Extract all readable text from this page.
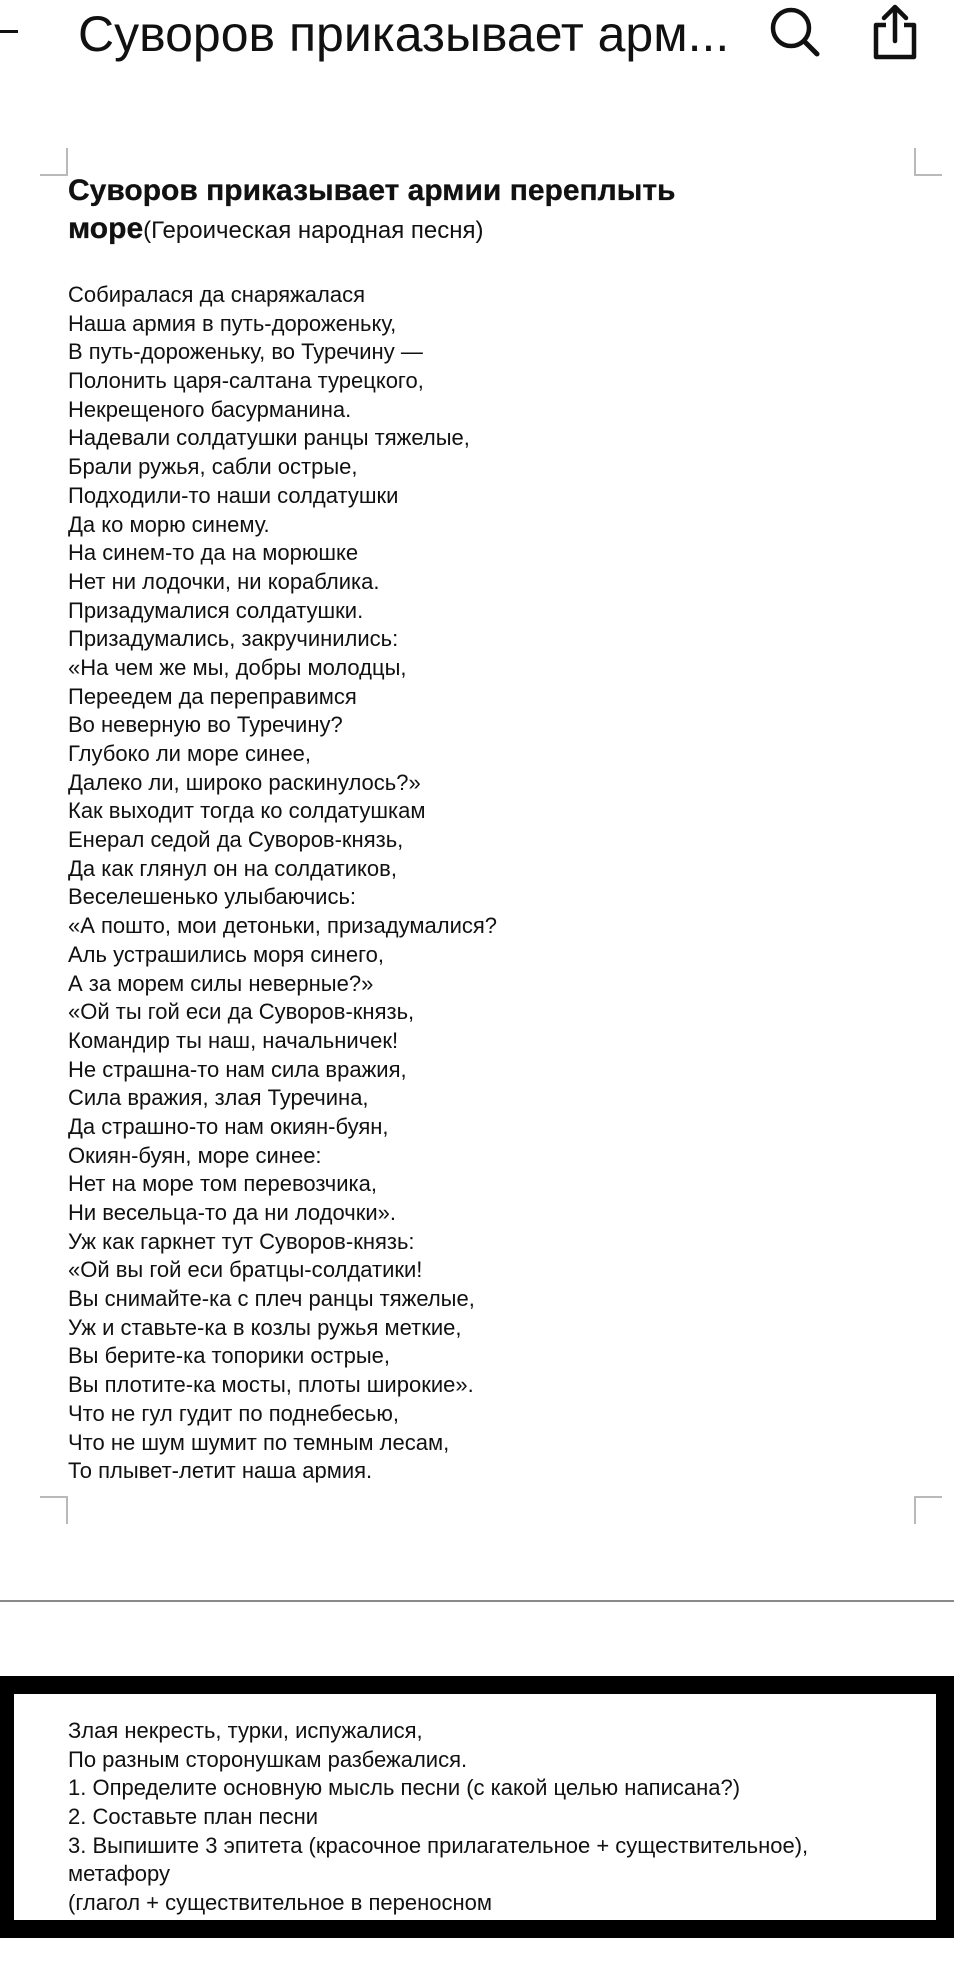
Суворов приказывает арм...
Суворов приказывает армии переплыть море(Героическая народная песня)
Собиралася да снаряжалася
Наша армия в путь-дороженьку,
В путь-дороженьку, во Туречину —
Полонить царя-салтана турецкого,
Некрещеного басурманина.
Надевали солдатушки ранцы тяжелые,
Брали ружья, сабли острые,
Подходили-то наши солдатушки
Да ко морю синему.
На синем-то да на морюшке
Нет ни лодочки, ни кораблика.
Призадумалися солдатушки.
Призадумались, закручинились:
«На чем же мы, добры молодцы,
Переедем да переправимся
Во неверную во Туречину?
Глубоко ли море синее,
Далеко ли, широко раскинулось?»
Как выходит тогда ко солдатушкам
Енерал седой да Суворов-князь,
Да как глянул он на солдатиков,
Веселешенько улыбаючись:
«А пошто, мои детоньки, призадумалися?
Аль устрашились моря синего,
А за морем силы неверные?»
«Ой ты гой еси да Суворов-князь,
Командир ты наш, начальничек!
Не страшна-то нам сила вражия,
Сила вражия, злая Туречина,
Да страшно-то нам окиян-буян,
Окиян-буян, море синее:
Нет на море том перевозчика,
Ни весельца-то да ни лодочки».
Уж как гаркнет тут Суворов-князь:
«Ой вы гой еси братцы-солдатики!
Вы снимайте-ка с плеч ранцы тяжелые,
Уж и ставьте-ка в козлы ружья меткие,
Вы берите-ка топорики острые,
Вы плотите-ка мосты, плоты широкие».
Что не гул гудит по поднебесью,
Что не шум шумит по темным лесам,
То плывет-летит наша армия.
Злая некресть, турки, испужалися,
По разным сторонушкам разбежалися.
1. Определите основную мысль песни (с какой целью написана?)
2. Составьте план песни
3. Выпишите 3 эпитета (красочное прилагательное + существительное),
метафору
(глагол + существительное в переносном
